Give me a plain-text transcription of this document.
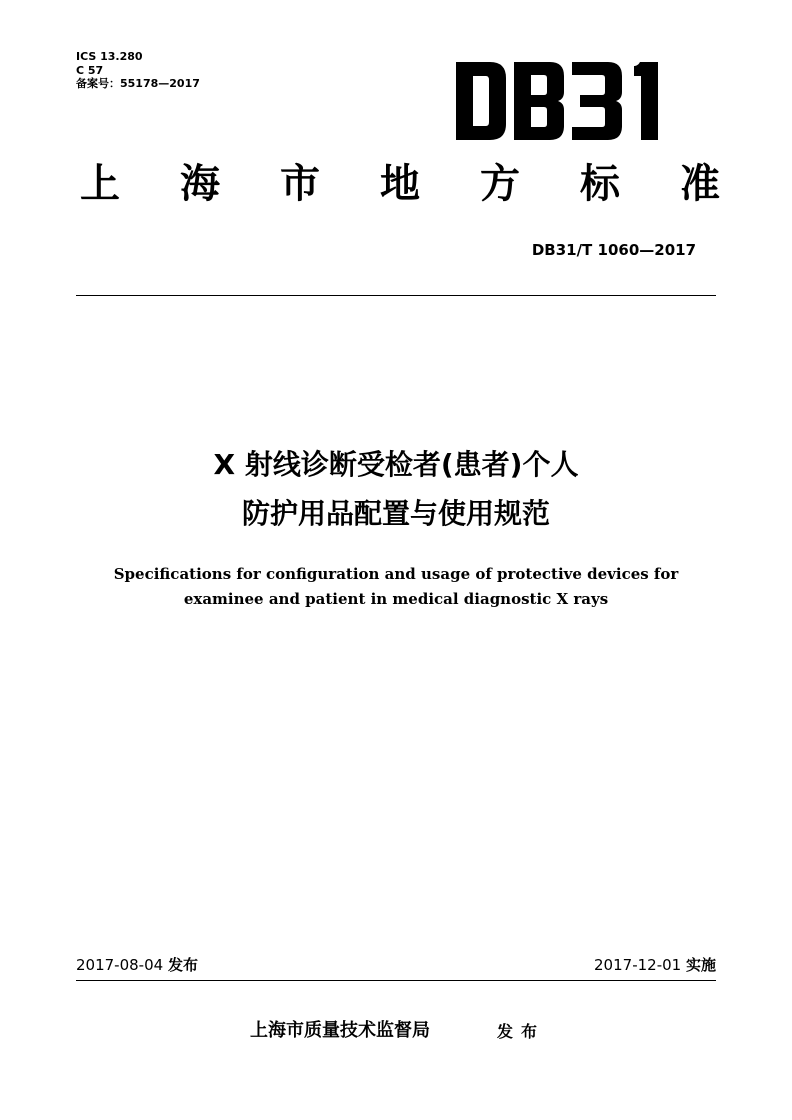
ICS 13.280
C 57
备案号：55178—2017
上 海 市 地 方 标 准
DB31/T 1060—2017
X 射线诊断受检者(患者)个人
防护用品配置与使用规范
Specifications for configuration and usage of protective devices for
examinee and patient in medical diagnostic X rays
2017-08-04 发布	2017-12-01 实施
上海市质量技术监督局	发布
